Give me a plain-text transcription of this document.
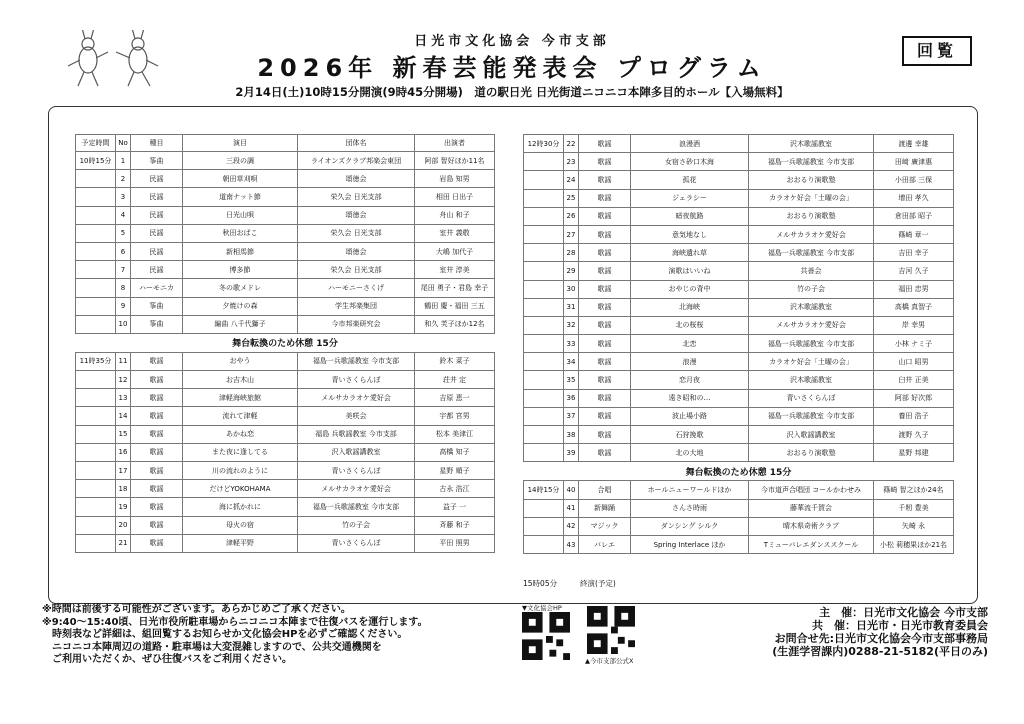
日光市文化協会 今市支部
2026年 新春芸能発表会 プログラム
2月14日(土)10時15分開演(9時45分開場)　道の駅日光 日光街道ニコニコ本陣多目的ホール【入場無料】
回覧
予定時間	No	種目	演目	団体名	出演者
10時15分	1	筝曲	三段の調	ライオンズクラブ邦楽会東団	阿部 智好ほか11名
	2	民謡	朝田草刈唄	頌徳会	岩島 知男
	3	民謡	道南ナット節	栄久会 日光支部	相田 日出子
	4	民謡	日光山唄	頌徳会	舟山 和子
	5	民謡	秋田おばこ	栄久会 日光支部	室井 義敬
	6	民謡	新相馬節	頌徳会	大嶋 加代子
	7	民謡	博多節	栄久会 日光支部	室井 淳美
	8	ハーモニカ	冬の歌メドレ	ハーモニーさくげ	尾田 勇子・君島 幸子
	9	筝曲	夕焼けの森	学生邦楽集団	鶴田 慶・福田 三五
	10	筝曲	編曲 八千代獅子	今市邦楽研究会	和久 芙子ほか12名
舞台転換のため休憩 15分					
11時35分	11	歌謡	おやう	福島一兵歌謡教室 今市支部	鈴木 菜子
	12	歌謡	お吉木山	青いさくらんぼ	荘井 定
	13	歌謡	津軽海峡旅館	メルサカラオケ愛好会	吉原 恵一
	14	歌謡	流れて津軽	美咲会	宇都 宮男
	15	歌謡	あかね恋	福島 兵歌謡教室 今市支部	松本 美津江
	16	歌謡	また夜に逢してる	沢入歌謡講教室	高橋 知子
	17	歌謡	川の流れのように	青いさくらんぼ	星野 順子
	18	歌謡	だけどYOKOHAMA	メルサカラオケ愛好会	古永 浩江
	19	歌謡	海に抓かれに	福島一兵歌謡教室 今市支部	益子 一
	20	歌謡	母火の宿	竹の子会	斉藤 和子
	21	歌謡	津軽平野	青いさくらんぼ	平田 照男
12時30分	22	歌謡	浪漫酒	沢木歌謡教室	渡邊 幸雄
	23	歌謡	女宿さ砂口木海	福島一兵歌謡教室 今市支部	田﨑 廣津惠
	24	歌謡	孤花	おおるり演歌塾	小田部 三保
	25	歌謡	ジェラシー	カラオケ好会「土曜の会」	增田 孝久
	26	歌謡	暗夜航路	おおるり演歌塾	倉田部 昭子
	27	歌謡	意気地なし	メルサカラオケ愛好会	篠崎 章一
	28	歌謡	海峡遺れ草	福島一兵歌謡教室 今市支部	吉田 幸子
	29	歌謡	演歌はいいね	共善会	吉河 久子
	30	歌謡	おやじの背中	竹の子会	福田 忠男
	31	歌謡	北海峡	沢木歌謡教室	高橋 真智子
	32	歌謡	北の桜桜	メルサカラオケ愛好会	岸 幸男
	33	歌謡	北恋	福島一兵歌謡教室 今市支部	小林 ナミ子
	34	歌謡	浪漫	カラオケ好会「土曜の会」	山口 昭男
	35	歌謡	恋月夜	沢木歌謡教室	臼井 正美
	36	歌謡	遠き昭和の…	青いさくらんぼ	阿部 好次郎
	37	歌謡	波止場小路	福島一兵歌謡教室 今市支部	養田 浩子
	38	歌謡	石狩挽歌	沢入歌謡講教室	渡野 久子
	39	歌謡	北の大地	おおるり演歌塾	星野 邦建
舞台転換のため休憩 15分					
14時15分	40	合唱	ホールニューワールドほか	今市道声合唱団 コールかわせみ	篠崎 智之ほか24名
	41	新舞踊	さんさ時雨	藤華流千賀会	千籾 豊美
	42	マジック	ダンシング シルク	晴木県奇術クラブ	矢崎 永
	43	バレエ	Spring Interlace ほか	Tミューバレエダンススクール	小松 莉穂果ほか21名
15時05分	終演(予定)
※時間は前後する可能性がございます。あらかじめご了承ください。
※9:40～15:40頃、日光市役所駐車場からニコニコ本陣まで往復バスを運行します。
時刻表など詳細は、組回覧するお知らせか文化協会HPを必ずご確認ください。
ニコニコ本陣周辺の道路・駐車場は大変混雑しますので、公共交通機関を
ご利用いただくか、ぜひ往復バスをご利用ください。
▼文化協会HP
▲今市支部公式X
主　催：日光市文化協会 今市支部
共　催：日光市・日光市教育委員会
お問合せ先:日光市文化協会今市支部事務局
(生涯学習課内)0288-21-5182(平日のみ)
